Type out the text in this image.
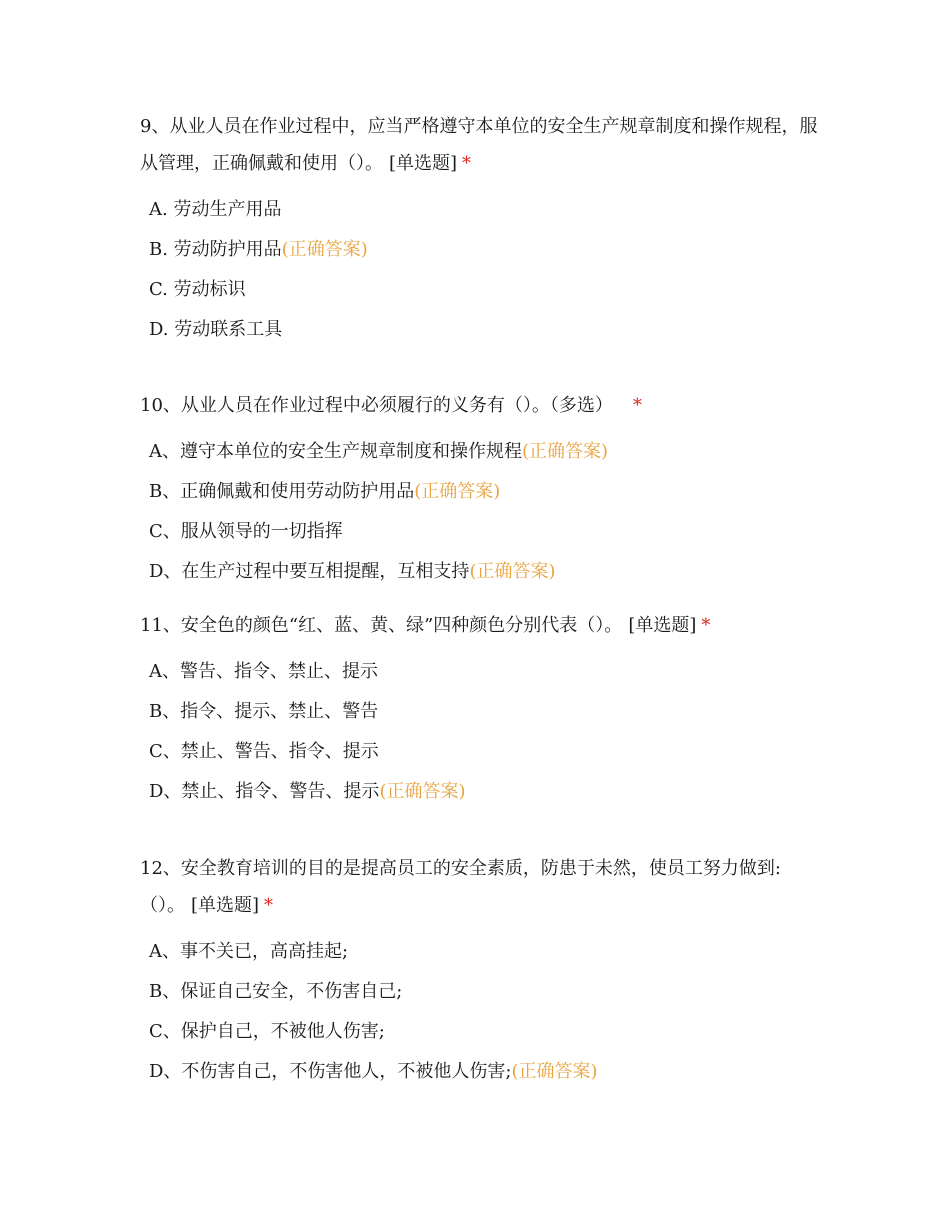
9、从业人员在作业过程中，应当严格遵守本单位的安全生产规章制度和操作规程，服从管理，正确佩戴和使用（）。 [单选题] *

A. 劳动生产用品
B. 劳动防护用品(正确答案)
C. 劳动标识
D. 劳动联系工具

10、从业人员在作业过程中必须履行的义务有（）。（多选） *

A、遵守本单位的安全生产规章制度和操作规程(正确答案)
B、正确佩戴和使用劳动防护用品(正确答案)
C、服从领导的一切指挥
D、在生产过程中要互相提醒，互相支持(正确答案)

11、安全色的颜色“红、蓝、黄、绿”四种颜色分别代表（）。 [单选题] *

A、警告、指令、禁止、提示
B、指令、提示、禁止、警告
C、禁止、警告、指令、提示
D、禁止、指令、警告、提示(正确答案)

12、安全教育培训的目的是提高员工的安全素质，防患于未然，使员工努力做到:（）。 [单选题] *

A、事不关已，高高挂起;
B、保证自己安全，不伤害自己;
C、保护自己，不被他人伤害;
D、不伤害自己，不伤害他人，不被他人伤害;(正确答案)
